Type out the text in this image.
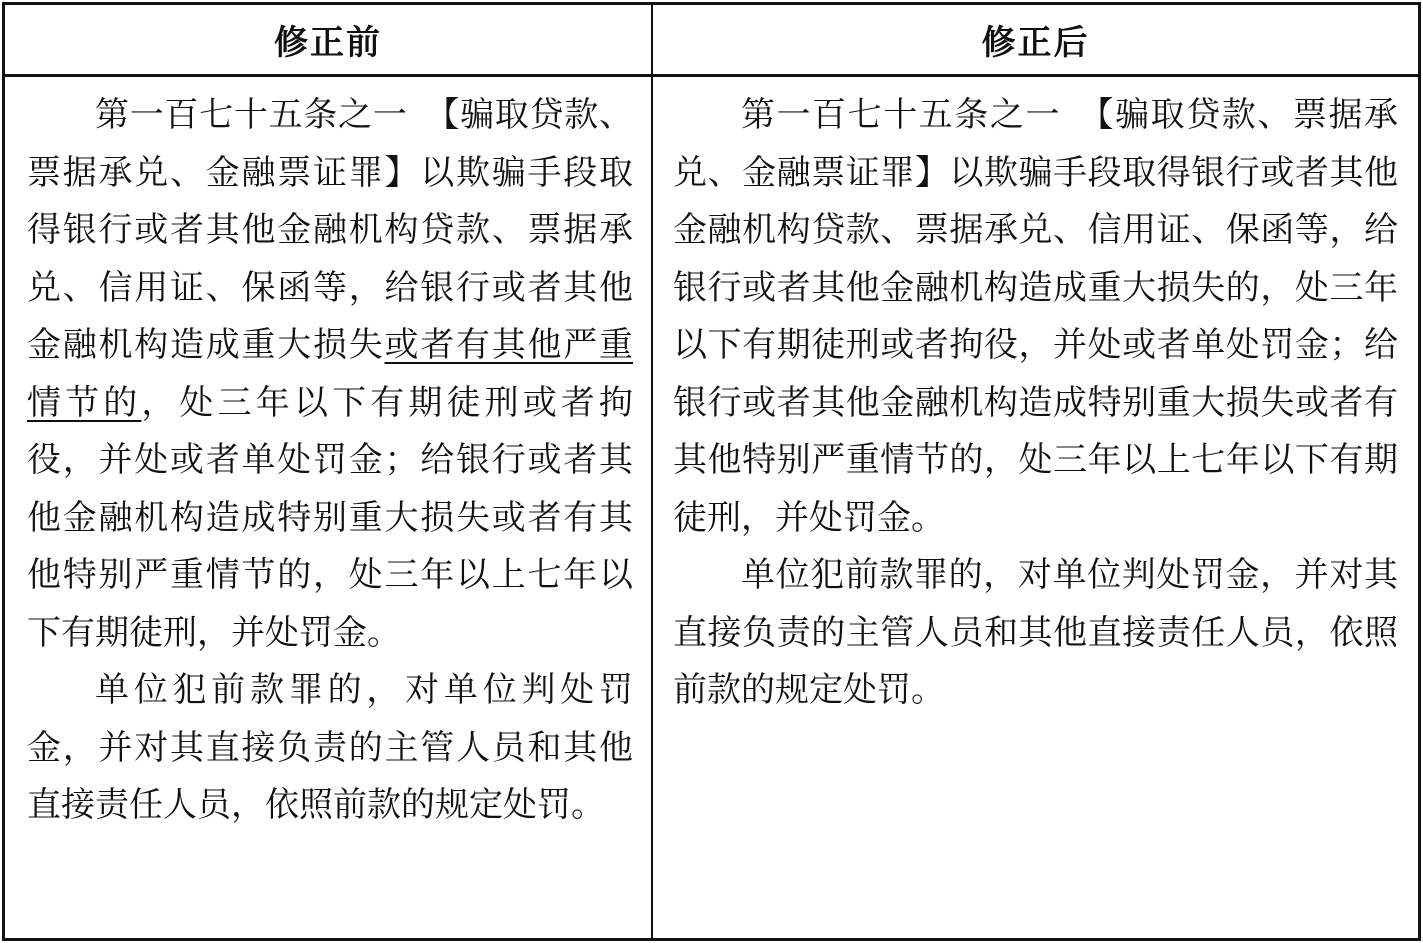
修正前	修正后

第一百七十五条之一　【骗取贷款、票据承兑、金融票证罪】以欺骗手段取得银行或者其他金融机构贷款、票据承兑、信用证、保函等，给银行或者其他金融机构造成重大损失或者有其他严重情节的，处三年以下有期徒刑或者拘役，并处或者单处罚金；给银行或者其他金融机构造成特别重大损失或者有其他特别严重情节的，处三年以上七年以下有期徒刑，并处罚金。

单位犯前款罪的，对单位判处罚金，并对其直接负责的主管人员和其他直接责任人员，依照前款的规定处罚。

第一百七十五条之一　【骗取贷款、票据承兑、金融票证罪】以欺骗手段取得银行或者其他金融机构贷款、票据承兑、信用证、保函等，给银行或者其他金融机构造成重大损失的，处三年以下有期徒刑或者拘役，并处或者单处罚金；给银行或者其他金融机构造成特别重大损失或者有其他特别严重情节的，处三年以上七年以下有期徒刑，并处罚金。

单位犯前款罪的，对单位判处罚金，并对其直接负责的主管人员和其他直接责任人员，依照前款的规定处罚。
